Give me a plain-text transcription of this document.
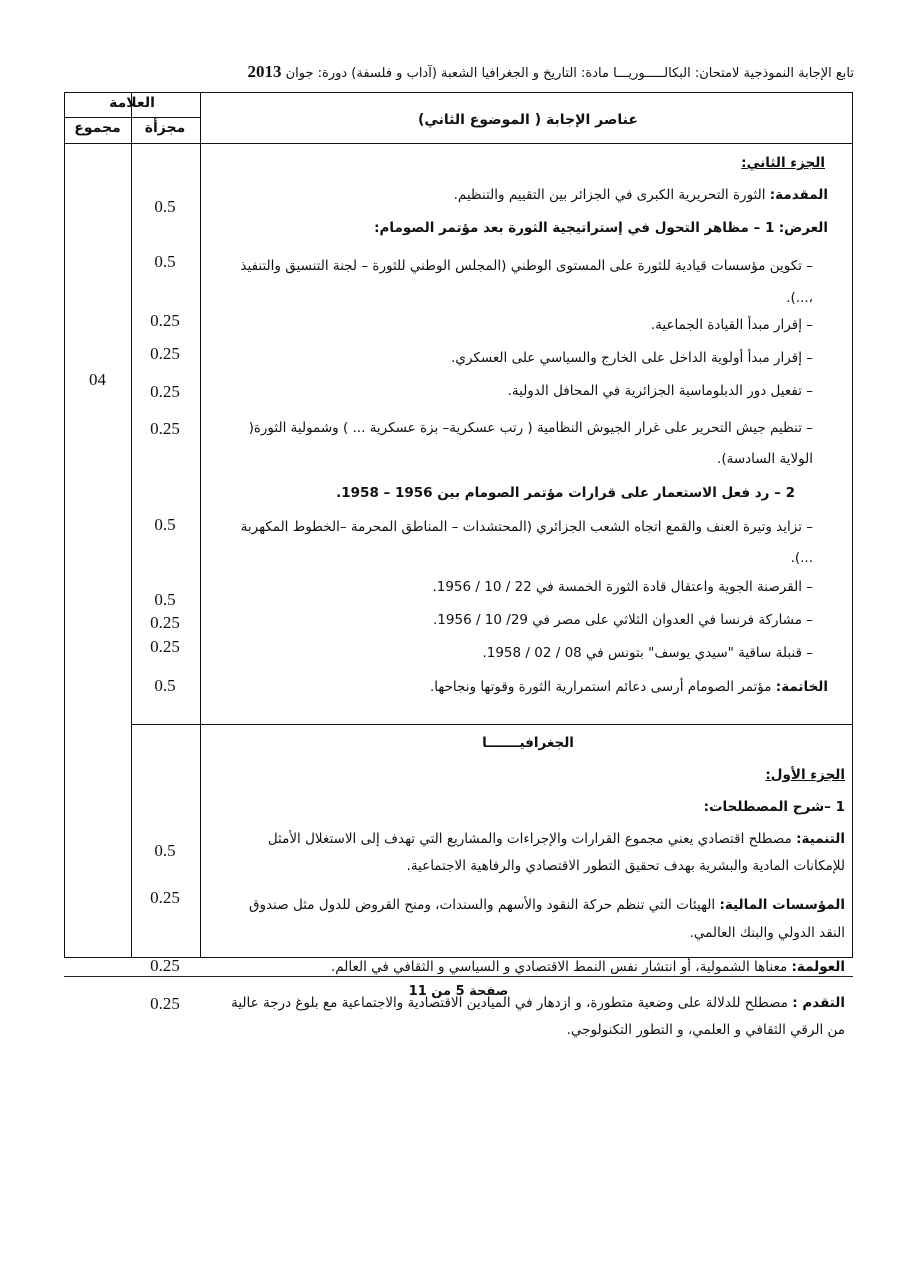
تابع الإجابة النموذجية لامتحان: البكالـــــوريـــا مادة: التاريخ و الجغرافيا الشعبة (آداب و فلسفة) دورة: جوان 2013
عناصر الإجابة ( الموضوع الثاني)
العلامة
مجزأة
مجموع
04
0.5
0.5
0.25
0.25
0.25
0.25
0.5
0.5
0.25
0.25
0.5
الجزء الثاني:
المقدمة: الثورة التحريرية الكبرى في الجزائر بين التقييم والتنظيم.
العرض: 1 – مظاهر التحول في إستراتيجية الثورة بعد مؤتمر الصومام:
– تكوين مؤسسات قيادية للثورة على المستوى الوطني (المجلس الوطني للثورة – لجنة التنسيق والتنفيذ ،...).
– إقرار مبدأ القيادة الجماعية.
– إقرار مبدأ أولوية الداخل على الخارج والسياسي على العسكري.
– تفعيل دور الدبلوماسية الجزائرية في المحافل الدولية.
– تنظيم جيش التحرير على غرار الجيوش النظامية ( رتب عسكرية– بزة عسكرية ... ) وشمولية الثورة( الولاية السادسة).
2 – رد فعل الاستعمار على قرارات مؤتمر الصومام بين 1956 – 1958.
– تزايد وتيرة العنف والقمع اتجاه الشعب الجزائري (المحتشدات – المناطق المحرمة –الخطوط المكهربة ...).
– القرصنة الجوية واعتقال قادة الثورة الخمسة في 22 / 10 / 1956.
– مشاركة فرنسا في العدوان الثلاثي على مصر في 29/ 10 / 1956.
– قنبلة ساقية "سيدي يوسف" بتونس في 08 / 02 / 1958.
الخاتمة: مؤتمر الصومام أرسى دعائم استمرارية الثورة وقوتها ونجاحها.
الجغرافيـــــــا
الجزء الأول:
1 –شرح المصطلحات:
التنمية: مصطلح اقتصادي يعني مجموع القرارات والإجراءات والمشاريع التي تهدف إلى الاستغلال الأمثل للإمكانات المادية والبشرية بهدف تحقيق التطور الاقتصادي والرفاهية الاجتماعية.
المؤسسات المالية: الهيئات التي تنظم حركة النقود والأسهم والسندات، ومنح القروض للدول مثل صندوق النقد الدولي والبنك العالمي.
العولمة: معناها الشمولية، أو انتشار نفس النمط الاقتصادي و السياسي و الثقافي في العالم.
التقدم : مصطلح للدلالة على وضعية متطورة، و ازدهار في الميادين الاقتصادية والاجتماعية مع بلوغ درجة عالية من الرقي الثقافي و العلمي، و التطور التكنولوجي.
0.5
0.25
0.25
0.25
صفحة 5 من 11
